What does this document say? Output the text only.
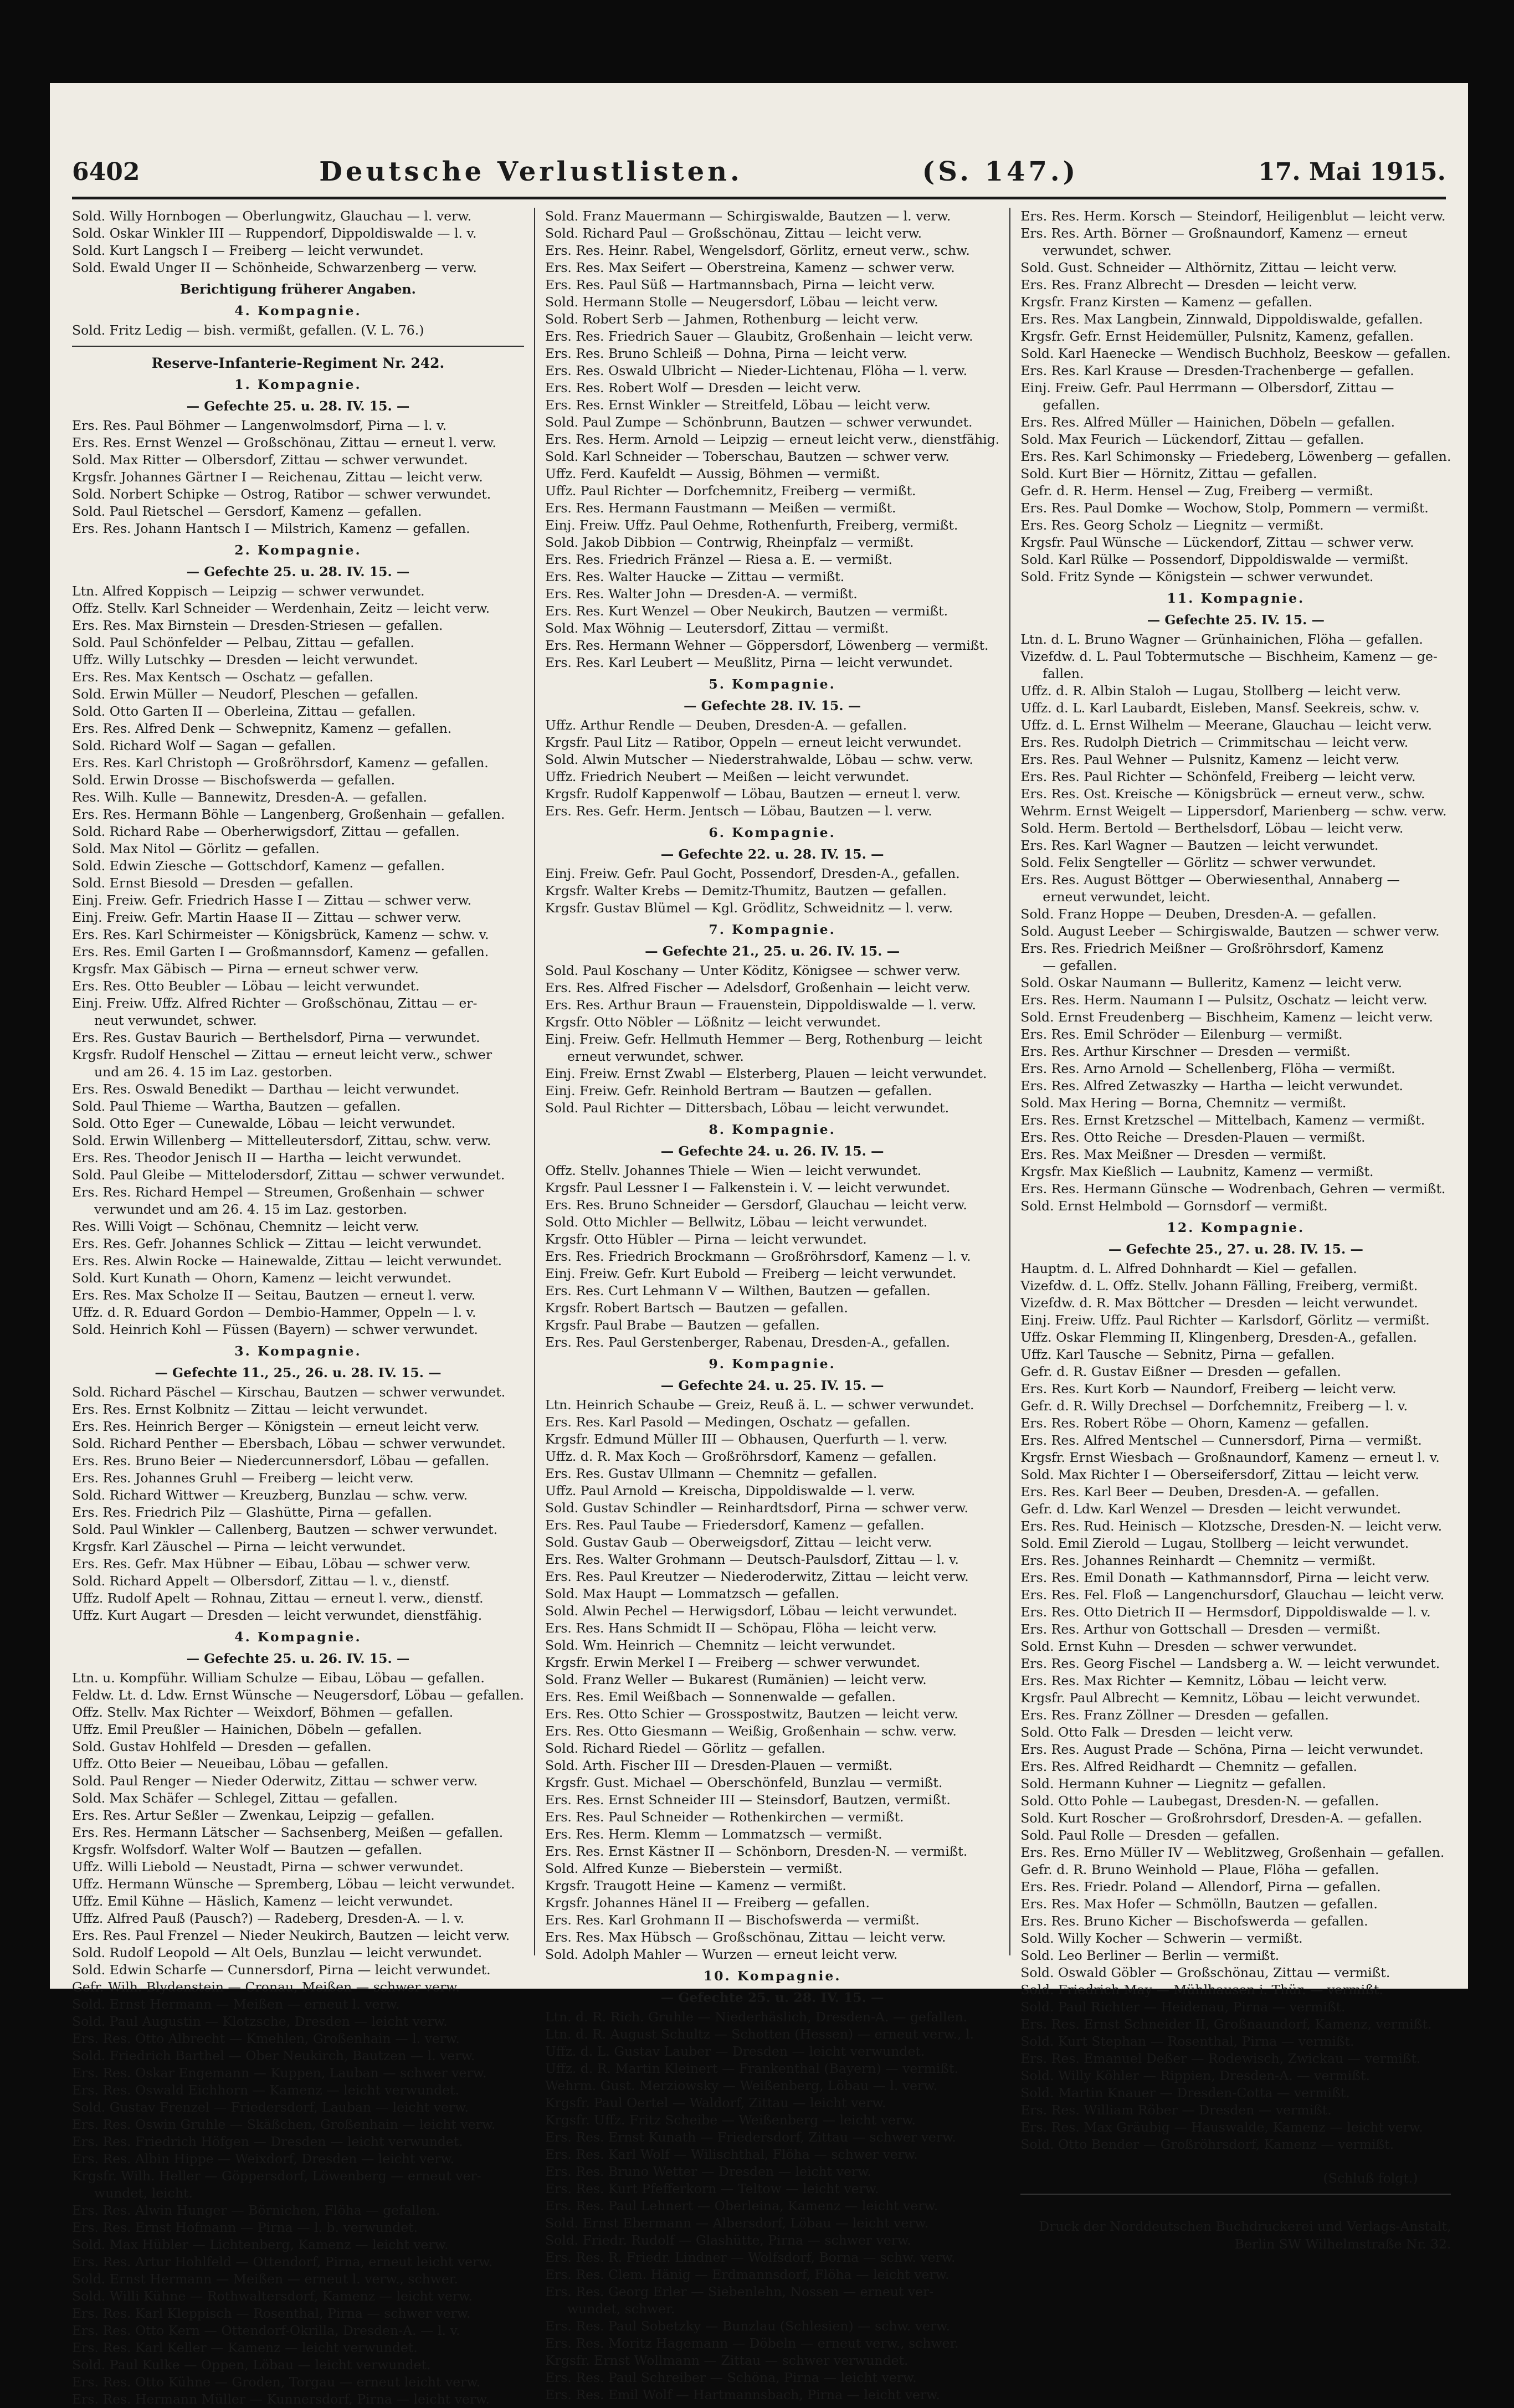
6402	Deutsche Verlustlisten.	(S. 147.)	17. Mai 1915.
Sold. Willy Hornbogen — Oberlungwitz, Glauchau — l. verw.
Sold. Oskar Winkler III — Ruppendorf, Dippoldiswalde — l. v.
Sold. Kurt Langsch I — Freiberg — leicht verwundet.
Sold. Ewald Unger II — Schönheide, Schwarzenberg — verw.
Berichtigung früherer Angaben.
4. Kompagnie.
Sold. Fritz Ledig — bish. vermißt, gefallen. (V. L. 76.)
Reserve-Infanterie-Regiment Nr. 242.
1. Kompagnie.
— Gefechte 25. u. 28. IV. 15. —
Ers. Res. Paul Böhmer — Langenwolmsdorf, Pirna — l. v.
Ers. Res. Ernst Wenzel — Großschönau, Zittau — erneut l. verw.
Sold. Max Ritter — Olbersdorf, Zittau — schwer verwundet.
Krgsfr. Johannes Gärtner I — Reichenau, Zittau — leicht verw.
Sold. Norbert Schipke — Ostrog, Ratibor — schwer verwundet.
Sold. Paul Rietschel — Gersdorf, Kamenz — gefallen.
Ers. Res. Johann Hantsch I — Milstrich, Kamenz — gefallen.
2. Kompagnie.
— Gefechte 25. u. 28. IV. 15. —
Ltn. Alfred Koppisch — Leipzig — schwer verwundet.
Offz. Stellv. Karl Schneider — Werdenhain, Zeitz — leicht verw.
Ers. Res. Max Birnstein — Dresden-Striesen — gefallen.
Sold. Paul Schönfelder — Pelbau, Zittau — gefallen.
Uffz. Willy Lutschky — Dresden — leicht verwundet.
Ers. Res. Max Kentsch — Oschatz — gefallen.
Sold. Erwin Müller — Neudorf, Pleschen — gefallen.
Sold. Otto Garten II — Oberleina, Zittau — gefallen.
Ers. Res. Alfred Denk — Schwepnitz, Kamenz — gefallen.
Sold. Richard Wolf — Sagan — gefallen.
Ers. Res. Karl Christoph — Großröhrsdorf, Kamenz — gefallen.
Sold. Erwin Drosse — Bischofswerda — gefallen.
Res. Wilh. Kulle — Bannewitz, Dresden-A. — gefallen.
Ers. Res. Hermann Böhle — Langenberg, Großenhain — gefallen.
Sold. Richard Rabe — Oberherwigsdorf, Zittau — gefallen.
Sold. Max Nitol — Görlitz — gefallen.
Sold. Edwin Ziesche — Gottschdorf, Kamenz — gefallen.
Sold. Ernst Biesold — Dresden — gefallen.
Einj. Freiw. Gefr. Friedrich Hasse I — Zittau — schwer verw.
Einj. Freiw. Gefr. Martin Haase II — Zittau — schwer verw.
Ers. Res. Karl Schirmeister — Königsbrück, Kamenz — schw. v.
Ers. Res. Emil Garten I — Großmannsdorf, Kamenz — gefallen.
Krgsfr. Max Gäbisch — Pirna — erneut schwer verw.
Ers. Res. Otto Beubler — Löbau — leicht verwundet.
Einj. Freiw. Uffz. Alfred Richter — Großschönau, Zittau — er-
neut verwundet, schwer.
Ers. Res. Gustav Baurich — Berthelsdorf, Pirna — verwundet.
Krgsfr. Rudolf Henschel — Zittau — erneut leicht verw., schwer
und am 26. 4. 15 im Laz. gestorben.
Ers. Res. Oswald Benedikt — Darthau — leicht verwundet.
Sold. Paul Thieme — Wartha, Bautzen — gefallen.
Sold. Otto Eger — Cunewalde, Löbau — leicht verwundet.
Sold. Erwin Willenberg — Mittelleutersdorf, Zittau, schw. verw.
Ers. Res. Theodor Jenisch II — Hartha — leicht verwundet.
Sold. Paul Gleibe — Mittelodersdorf, Zittau — schwer verwundet.
Ers. Res. Richard Hempel — Streumen, Großenhain — schwer
verwundet und am 26. 4. 15 im Laz. gestorben.
Res. Willi Voigt — Schönau, Chemnitz — leicht verw.
Ers. Res. Gefr. Johannes Schlick — Zittau — leicht verwundet.
Ers. Res. Alwin Rocke — Hainewalde, Zittau — leicht verwundet.
Sold. Kurt Kunath — Ohorn, Kamenz — leicht verwundet.
Ers. Res. Max Scholze II — Seitau, Bautzen — erneut l. verw.
Uffz. d. R. Eduard Gordon — Dembio-Hammer, Oppeln — l. v.
Sold. Heinrich Kohl — Füssen (Bayern) — schwer verwundet.
3. Kompagnie.
— Gefechte 11., 25., 26. u. 28. IV. 15. —
Sold. Richard Päschel — Kirschau, Bautzen — schwer verwundet.
Ers. Res. Ernst Kolbnitz — Zittau — leicht verwundet.
Ers. Res. Heinrich Berger — Königstein — erneut leicht verw.
Sold. Richard Penther — Ebersbach, Löbau — schwer verwundet.
Ers. Res. Bruno Beier — Niedercunnersdorf, Löbau — gefallen.
Ers. Res. Johannes Gruhl — Freiberg — leicht verw.
Sold. Richard Wittwer — Kreuzberg, Bunzlau — schw. verw.
Ers. Res. Friedrich Pilz — Glashütte, Pirna — gefallen.
Sold. Paul Winkler — Callenberg, Bautzen — schwer verwundet.
Krgsfr. Karl Zäuschel — Pirna — leicht verwundet.
Ers. Res. Gefr. Max Hübner — Eibau, Löbau — schwer verw.
Sold. Richard Appelt — Olbersdorf, Zittau — l. v., dienstf.
Uffz. Rudolf Apelt — Rohnau, Zittau — erneut l. verw., dienstf.
Uffz. Kurt Augart — Dresden — leicht verwundet, dienstfähig.
4. Kompagnie.
— Gefechte 25. u. 26. IV. 15. —
Ltn. u. Kompführ. William Schulze — Eibau, Löbau — gefallen.
Feldw. Lt. d. Ldw. Ernst Wünsche — Neugersdorf, Löbau — gefallen.
Offz. Stellv. Max Richter — Weixdorf, Böhmen — gefallen.
Uffz. Emil Preußler — Hainichen, Döbeln — gefallen.
Sold. Gustav Hohlfeld — Dresden — gefallen.
Uffz. Otto Beier — Neueibau, Löbau — gefallen.
Sold. Paul Renger — Nieder Oderwitz, Zittau — schwer verw.
Sold. Max Schäfer — Schlegel, Zittau — gefallen.
Ers. Res. Artur Seßler — Zwenkau, Leipzig — gefallen.
Ers. Res. Hermann Lätscher — Sachsenberg, Meißen — gefallen.
Krgsfr. Wolfsdorf. Walter Wolf — Bautzen — gefallen.
Uffz. Willi Liebold — Neustadt, Pirna — schwer verwundet.
Uffz. Hermann Wünsche — Spremberg, Löbau — leicht verwundet.
Uffz. Emil Kühne — Häslich, Kamenz — leicht verwundet.
Uffz. Alfred Pauß (Pausch?) — Radeberg, Dresden-A. — l. v.
Ers. Res. Paul Frenzel — Nieder Neukirch, Bautzen — leicht verw.
Sold. Rudolf Leopold — Alt Oels, Bunzlau — leicht verwundet.
Sold. Edwin Scharfe — Cunnersdorf, Pirna — leicht verwundet.
Gefr. Wilh. Blydenstein — Cronau, Meißen — schwer verw.
Sold. Ernst Hermann — Meißen — erneut l. verw.
Sold. Paul Augustin — Klotzsche, Dresden — leicht verw.
Ers. Res. Otto Albrecht — Kmehlen, Großenhain — l. verw.
Sold. Friedrich Barthel — Ober Neukirch, Bautzen — l. verw.
Ers. Res. Oskar Engemann — Kuppen, Lauban — schwer verw.
Ers. Res. Oswald Eichhorn — Kamenz — leicht verwundet.
Sold. Gustav Frenzel — Friedersdorf, Lauban — leicht verw.
Ers. Res. Oswin Gruhle — Skäßchen, Großenhain — leicht verw.
Ers. Res. Friedrich Höfgen — Dresden — leicht verwundet.
Ers. Res. Albin Hippe — Weixdorf, Dresden — leicht verw.
Krgsfr. Wilh. Heller — Göppersdorf, Löwenberg — erneut ver-
wundet, leicht.
Ers. Res. Alwin Hunger — Börnichen, Flöha — gefallen.
Ers. Res. Ernst Hofmann — Pirna — l. b. verwundet.
Sold. Max Hübler — Lichtenberg, Kamenz — leicht verw.
Ers. Res. Artur Hohlfeld — Ottendorf, Pirna, erneut leicht verw.
Sold. Ernst Hermann — Meißen — erneut l. verw., schwer.
Sold. Willi Kühne — Rothwaltersdorf, Kamenz — leicht verw.
Ers. Res. Karl Kleppisch — Rosenthal, Pirna — schwer verw.
Ers. Res. Otto Kern — Ottendorf-Okrilla, Dresden-A. — l. v.
Ers. Res. Karl Keller — Kamenz — leicht verwundet.
Sold. Paul Kulke — Oppen, Löbau — leicht verwundet.
Ers. Res. Otto Kühne — Groden, Torgau — erneut leicht verw.
Ers. Res. Hermann Müller — Kunnersdorf, Pirna — leicht verw.
Sold. Franz Mauermann — Schirgiswalde, Bautzen — l. verw.
Sold. Richard Paul — Großschönau, Zittau — leicht verw.
Ers. Res. Heinr. Rabel, Wengelsdorf, Görlitz, erneut verw., schw.
Ers. Res. Max Seifert — Oberstreina, Kamenz — schwer verw.
Ers. Res. Paul Süß — Hartmannsbach, Pirna — leicht verw.
Sold. Hermann Stolle — Neugersdorf, Löbau — leicht verw.
Sold. Robert Serb — Jahmen, Rothenburg — leicht verw.
Ers. Res. Friedrich Sauer — Glaubitz, Großenhain — leicht verw.
Ers. Res. Bruno Schleiß — Dohna, Pirna — leicht verw.
Ers. Res. Oswald Ulbricht — Nieder-Lichtenau, Flöha — l. verw.
Ers. Res. Robert Wolf — Dresden — leicht verw.
Ers. Res. Ernst Winkler — Streitfeld, Löbau — leicht verw.
Sold. Paul Zumpe — Schönbrunn, Bautzen — schwer verwundet.
Ers. Res. Herm. Arnold — Leipzig — erneut leicht verw., dienstfähig.
Sold. Karl Schneider — Toberschau, Bautzen — schwer verw.
Uffz. Ferd. Kaufeldt — Aussig, Böhmen — vermißt.
Uffz. Paul Richter — Dorfchemnitz, Freiberg — vermißt.
Ers. Res. Hermann Faustmann — Meißen — vermißt.
Einj. Freiw. Uffz. Paul Oehme, Rothenfurth, Freiberg, vermißt.
Sold. Jakob Dibbion — Contrwig, Rheinpfalz — vermißt.
Ers. Res. Friedrich Fränzel — Riesa a. E. — vermißt.
Ers. Res. Walter Haucke — Zittau — vermißt.
Ers. Res. Walter John — Dresden-A. — vermißt.
Ers. Res. Kurt Wenzel — Ober Neukirch, Bautzen — vermißt.
Sold. Max Wöhnig — Leutersdorf, Zittau — vermißt.
Ers. Res. Hermann Wehner — Göppersdorf, Löwenberg — vermißt.
Ers. Res. Karl Leubert — Meußlitz, Pirna — leicht verwundet.
5. Kompagnie.
— Gefechte 28. IV. 15. —
Uffz. Arthur Rendle — Deuben, Dresden-A. — gefallen.
Krgsfr. Paul Litz — Ratibor, Oppeln — erneut leicht verwundet.
Sold. Alwin Mutscher — Niederstrahwalde, Löbau — schw. verw.
Uffz. Friedrich Neubert — Meißen — leicht verwundet.
Krgsfr. Rudolf Kappenwolf — Löbau, Bautzen — erneut l. verw.
Ers. Res. Gefr. Herm. Jentsch — Löbau, Bautzen — l. verw.
6. Kompagnie.
— Gefechte 22. u. 28. IV. 15. —
Einj. Freiw. Gefr. Paul Gocht, Possendorf, Dresden-A., gefallen.
Krgsfr. Walter Krebs — Demitz-Thumitz, Bautzen — gefallen.
Krgsfr. Gustav Blümel — Kgl. Grödlitz, Schweidnitz — l. verw.
7. Kompagnie.
— Gefechte 21., 25. u. 26. IV. 15. —
Sold. Paul Koschany — Unter Köditz, Königsee — schwer verw.
Ers. Res. Alfred Fischer — Adelsdorf, Großenhain — leicht verw.
Ers. Res. Arthur Braun — Frauenstein, Dippoldiswalde — l. verw.
Krgsfr. Otto Nöbler — Lößnitz — leicht verwundet.
Einj. Freiw. Gefr. Hellmuth Hemmer — Berg, Rothenburg — leicht
erneut verwundet, schwer.
Einj. Freiw. Ernst Zwabl — Elsterberg, Plauen — leicht verwundet.
Einj. Freiw. Gefr. Reinhold Bertram — Bautzen — gefallen.
Sold. Paul Richter — Dittersbach, Löbau — leicht verwundet.
8. Kompagnie.
— Gefechte 24. u. 26. IV. 15. —
Offz. Stellv. Johannes Thiele — Wien — leicht verwundet.
Krgsfr. Paul Lessner I — Falkenstein i. V. — leicht verwundet.
Ers. Res. Bruno Schneider — Gersdorf, Glauchau — leicht verw.
Sold. Otto Michler — Bellwitz, Löbau — leicht verwundet.
Krgsfr. Otto Hübler — Pirna — leicht verwundet.
Ers. Res. Friedrich Brockmann — Großröhrsdorf, Kamenz — l. v.
Einj. Freiw. Gefr. Kurt Eubold — Freiberg — leicht verwundet.
Ers. Res. Curt Lehmann V — Wilthen, Bautzen — gefallen.
Krgsfr. Robert Bartsch — Bautzen — gefallen.
Krgsfr. Paul Brabe — Bautzen — gefallen.
Ers. Res. Paul Gerstenberger, Rabenau, Dresden-A., gefallen.
9. Kompagnie.
— Gefechte 24. u. 25. IV. 15. —
Ltn. Heinrich Schaube — Greiz, Reuß ä. L. — schwer verwundet.
Ers. Res. Karl Pasold — Medingen, Oschatz — gefallen.
Krgsfr. Edmund Müller III — Obhausen, Querfurth — l. verw.
Uffz. d. R. Max Koch — Großröhrsdorf, Kamenz — gefallen.
Ers. Res. Gustav Ullmann — Chemnitz — gefallen.
Uffz. Paul Arnold — Kreischa, Dippoldiswalde — l. verw.
Sold. Gustav Schindler — Reinhardtsdorf, Pirna — schwer verw.
Ers. Res. Paul Taube — Friedersdorf, Kamenz — gefallen.
Sold. Gustav Gaub — Oberweigsdorf, Zittau — leicht verw.
Ers. Res. Walter Grohmann — Deutsch-Paulsdorf, Zittau — l. v.
Ers. Res. Paul Kreutzer — Niederoderwitz, Zittau — leicht verw.
Sold. Max Haupt — Lommatzsch — gefallen.
Sold. Alwin Pechel — Herwigsdorf, Löbau — leicht verwundet.
Ers. Res. Hans Schmidt II — Schöpau, Flöha — leicht verw.
Sold. Wm. Heinrich — Chemnitz — leicht verwundet.
Krgsfr. Erwin Merkel I — Freiberg — schwer verwundet.
Sold. Franz Weller — Bukarest (Rumänien) — leicht verw.
Ers. Res. Emil Weißbach — Sonnenwalde — gefallen.
Ers. Res. Otto Schier — Grosspostwitz, Bautzen — leicht verw.
Ers. Res. Otto Giesmann — Weißig, Großenhain — schw. verw.
Sold. Richard Riedel — Görlitz — gefallen.
Sold. Arth. Fischer III — Dresden-Plauen — vermißt.
Krgsfr. Gust. Michael — Oberschönfeld, Bunzlau — vermißt.
Ers. Res. Ernst Schneider III — Steinsdorf, Bautzen, vermißt.
Ers. Res. Paul Schneider — Rothenkirchen — vermißt.
Ers. Res. Herm. Klemm — Lommatzsch — vermißt.
Ers. Res. Ernst Kästner II — Schönborn, Dresden-N. — vermißt.
Sold. Alfred Kunze — Bieberstein — vermißt.
Krgsfr. Traugott Heine — Kamenz — vermißt.
Krgsfr. Johannes Hänel II — Freiberg — gefallen.
Ers. Res. Karl Grohmann II — Bischofswerda — vermißt.
Ers. Res. Max Hübsch — Großschönau, Zittau — leicht verw.
Sold. Adolph Mahler — Wurzen — erneut leicht verw.
10. Kompagnie.
— Gefechte 25. u. 28. IV. 15. —
Ltn. d. R. Rich. Gruhle — Niederhäslich, Dresden-A. — gefallen.
Ltn. d. R. August Schultz — Schotten (Hessen) — erneut verw., l.
Uffz. d. L. Gustav Lauber — Dresden — leicht verwundet.
Uffz. d. R. Martin Kleinert — Frankenthal (Bayern) — vermißt.
Wehrm. Gust. Merziowsky — Weißenberg, Löbau — l. verw.
Krgsfr. Paul Oertel — Waldorf, Zittau — leicht verw.
Krgsfr. Uffz. Fritz Scheibe — Weißenberg — leicht verw.
Ers. Res. Ernst Kunath — Friedersdorf, Zittau — schwer verw.
Ers. Res. Karl Wolf — Wilischthal, Flöha — schwer verw.
Ers. Res. Bruno Wetter — Dresden — leicht verw.
Ers. Res. Kurt Pfefferkorn — Teltow — leicht verw.
Ers. Res. Paul Lehnert — Oberleina, Kamenz — leicht verw.
Sold. Ernst Ebermann — Albersdorf, Löbau — leicht verw.
Sold. Friedr. Rudolf — Glashütte, Pirna — schwer verw.
Ers. Res. R. Friedr. Lindner — Wolfsdorf, Borna — schw. verw.
Ers. Res. Clem. Hänig — Erdmannsdorf, Flöha — leicht verw.
Ers. Res. Georg Erler — Siebenlehn, Nossen — erneut ver-
wundet, schwer.
Ers. Res. Paul Sobetzky — Bunzlau (Schlesien) — schw. verw.
Ers. Res. Moritz Hagemann — Döbeln — erneut verw., schwer.
Krgsfr. Ernst Wollmann — Zittau — schwer verwundet.
Ers. Res. Paul Schreiber — Schöna, Pirna — leicht verw.
Ers. Res. Emil Wolf — Hartmannsbach, Pirna — leicht verw.
Ers. Res. Herm. Korsch — Steindorf, Heiligenblut — leicht verw.
Ers. Res. Arth. Börner — Großnaundorf, Kamenz — erneut
verwundet, schwer.
Sold. Gust. Schneider — Althörnitz, Zittau — leicht verw.
Ers. Res. Franz Albrecht — Dresden — leicht verw.
Krgsfr. Franz Kirsten — Kamenz — gefallen.
Ers. Res. Max Langbein, Zinnwald, Dippoldiswalde, gefallen.
Krgsfr. Gefr. Ernst Heidemüller, Pulsnitz, Kamenz, gefallen.
Sold. Karl Haenecke — Wendisch Buchholz, Beeskow — gefallen.
Ers. Res. Karl Krause — Dresden-Trachenberge — gefallen.
Einj. Freiw. Gefr. Paul Herrmann — Olbersdorf, Zittau —
gefallen.
Ers. Res. Alfred Müller — Hainichen, Döbeln — gefallen.
Sold. Max Feurich — Lückendorf, Zittau — gefallen.
Ers. Res. Karl Schimonsky — Friedeberg, Löwenberg — gefallen.
Sold. Kurt Bier — Hörnitz, Zittau — gefallen.
Gefr. d. R. Herm. Hensel — Zug, Freiberg — vermißt.
Ers. Res. Paul Domke — Wochow, Stolp, Pommern — vermißt.
Ers. Res. Georg Scholz — Liegnitz — vermißt.
Krgsfr. Paul Wünsche — Lückendorf, Zittau — schwer verw.
Sold. Karl Rülke — Possendorf, Dippoldiswalde — vermißt.
Sold. Fritz Synde — Königstein — schwer verwundet.
11. Kompagnie.
— Gefechte 25. IV. 15. —
Ltn. d. L. Bruno Wagner — Grünhainichen, Flöha — gefallen.
Vizefdw. d. L. Paul Tobtermutsche — Bischheim, Kamenz — ge-
fallen.
Uffz. d. R. Albin Staloh — Lugau, Stollberg — leicht verw.
Uffz. d. L. Karl Laubardt, Eisleben, Mansf. Seekreis, schw. v.
Uffz. d. L. Ernst Wilhelm — Meerane, Glauchau — leicht verw.
Ers. Res. Rudolph Dietrich — Crimmitschau — leicht verw.
Ers. Res. Paul Wehner — Pulsnitz, Kamenz — leicht verw.
Ers. Res. Paul Richter — Schönfeld, Freiberg — leicht verw.
Ers. Res. Ost. Kreische — Königsbrück — erneut verw., schw.
Wehrm. Ernst Weigelt — Lippersdorf, Marienberg — schw. verw.
Sold. Herm. Bertold — Berthelsdorf, Löbau — leicht verw.
Ers. Res. Karl Wagner — Bautzen — leicht verwundet.
Sold. Felix Sengteller — Görlitz — schwer verwundet.
Ers. Res. August Böttger — Oberwiesenthal, Annaberg —
erneut verwundet, leicht.
Sold. Franz Hoppe — Deuben, Dresden-A. — gefallen.
Sold. August Leeber — Schirgiswalde, Bautzen — schwer verw.
Ers. Res. Friedrich Meißner — Großröhrsdorf, Kamenz
— gefallen.
Sold. Oskar Naumann — Bulleritz, Kamenz — leicht verw.
Ers. Res. Herm. Naumann I — Pulsitz, Oschatz — leicht verw.
Sold. Ernst Freudenberg — Bischheim, Kamenz — leicht verw.
Ers. Res. Emil Schröder — Eilenburg — vermißt.
Ers. Res. Arthur Kirschner — Dresden — vermißt.
Ers. Res. Arno Arnold — Schellenberg, Flöha — vermißt.
Ers. Res. Alfred Zetwaszky — Hartha — leicht verwundet.
Sold. Max Hering — Borna, Chemnitz — vermißt.
Ers. Res. Ernst Kretzschel — Mittelbach, Kamenz — vermißt.
Ers. Res. Otto Reiche — Dresden-Plauen — vermißt.
Ers. Res. Max Meißner — Dresden — vermißt.
Krgsfr. Max Kießlich — Laubnitz, Kamenz — vermißt.
Ers. Res. Hermann Günsche — Wodrenbach, Gehren — vermißt.
Sold. Ernst Helmbold — Gornsdorf — vermißt.
12. Kompagnie.
— Gefechte 25., 27. u. 28. IV. 15. —
Hauptm. d. L. Alfred Dohnhardt — Kiel — gefallen.
Vizefdw. d. L. Offz. Stellv. Johann Fälling, Freiberg, vermißt.
Vizefdw. d. R. Max Böttcher — Dresden — leicht verwundet.
Einj. Freiw. Uffz. Paul Richter — Karlsdorf, Görlitz — vermißt.
Uffz. Oskar Flemming II, Klingenberg, Dresden-A., gefallen.
Uffz. Karl Tausche — Sebnitz, Pirna — gefallen.
Gefr. d. R. Gustav Eißner — Dresden — gefallen.
Ers. Res. Kurt Korb — Naundorf, Freiberg — leicht verw.
Gefr. d. R. Willy Drechsel — Dorfchemnitz, Freiberg — l. v.
Ers. Res. Robert Röbe — Ohorn, Kamenz — gefallen.
Ers. Res. Alfred Mentschel — Cunnersdorf, Pirna — vermißt.
Krgsfr. Ernst Wiesbach — Großnaundorf, Kamenz — erneut l. v.
Sold. Max Richter I — Oberseifersdorf, Zittau — leicht verw.
Ers. Res. Karl Beer — Deuben, Dresden-A. — gefallen.
Gefr. d. Ldw. Karl Wenzel — Dresden — leicht verwundet.
Ers. Res. Rud. Heinisch — Klotzsche, Dresden-N. — leicht verw.
Sold. Emil Zierold — Lugau, Stollberg — leicht verwundet.
Ers. Res. Johannes Reinhardt — Chemnitz — vermißt.
Ers. Res. Emil Donath — Kathmannsdorf, Pirna — leicht verw.
Ers. Res. Fel. Floß — Langenchursdorf, Glauchau — leicht verw.
Ers. Res. Otto Dietrich II — Hermsdorf, Dippoldiswalde — l. v.
Ers. Res. Arthur von Gottschall — Dresden — vermißt.
Sold. Ernst Kuhn — Dresden — schwer verwundet.
Ers. Res. Georg Fischel — Landsberg a. W. — leicht verwundet.
Ers. Res. Max Richter — Kemnitz, Löbau — leicht verw.
Krgsfr. Paul Albrecht — Kemnitz, Löbau — leicht verwundet.
Ers. Res. Franz Zöllner — Dresden — gefallen.
Sold. Otto Falk — Dresden — leicht verw.
Ers. Res. August Prade — Schöna, Pirna — leicht verwundet.
Ers. Res. Alfred Reidhardt — Chemnitz — gefallen.
Sold. Hermann Kuhner — Liegnitz — gefallen.
Sold. Otto Pohle — Laubegast, Dresden-N. — gefallen.
Sold. Kurt Roscher — Großrohrsdorf, Dresden-A. — gefallen.
Sold. Paul Rolle — Dresden — gefallen.
Ers. Res. Erno Müller IV — Weblitzweg, Großenhain — gefallen.
Gefr. d. R. Bruno Weinhold — Plaue, Flöha — gefallen.
Ers. Res. Friedr. Poland — Allendorf, Pirna — gefallen.
Ers. Res. Max Hofer — Schmölln, Bautzen — gefallen.
Ers. Res. Bruno Kicher — Bischofswerda — gefallen.
Sold. Willy Kocher — Schwerin — vermißt.
Sold. Leo Berliner — Berlin — vermißt.
Sold. Oswald Göbler — Großschönau, Zittau — vermißt.
Sold. Friedrich May — Mühlhausen i. Thür. — vermißt.
Sold. Paul Richter — Heidenau, Pirna — vermißt.
Ers. Res. Ernst Schneider II, Großnaundorf, Kamenz, vermißt.
Sold. Kurt Stephan — Rosenthal, Pirna — vermißt.
Ers. Res. Emanuel Deßer — Rodewisch, Zwickau — vermißt.
Sold. Willy Köhler — Rippien, Dresden-A. — vermißt.
Sold. Martin Knauer — Dresden-Cotta — vermißt.
Ers. Res. William Röber — Dresden — vermißt.
Ers. Res. Max Gräubig — Hauswalde, Kamenz — leicht verw.
Sold. Otto Bender — Großröhrsdorf, Kamenz — vermißt.
(Schluß folgt.)
Druck der Norddeutschen Buchdruckerei und Verlags-Anstalt,
Berlin SW Wilhelmstraße Nr. 32.
